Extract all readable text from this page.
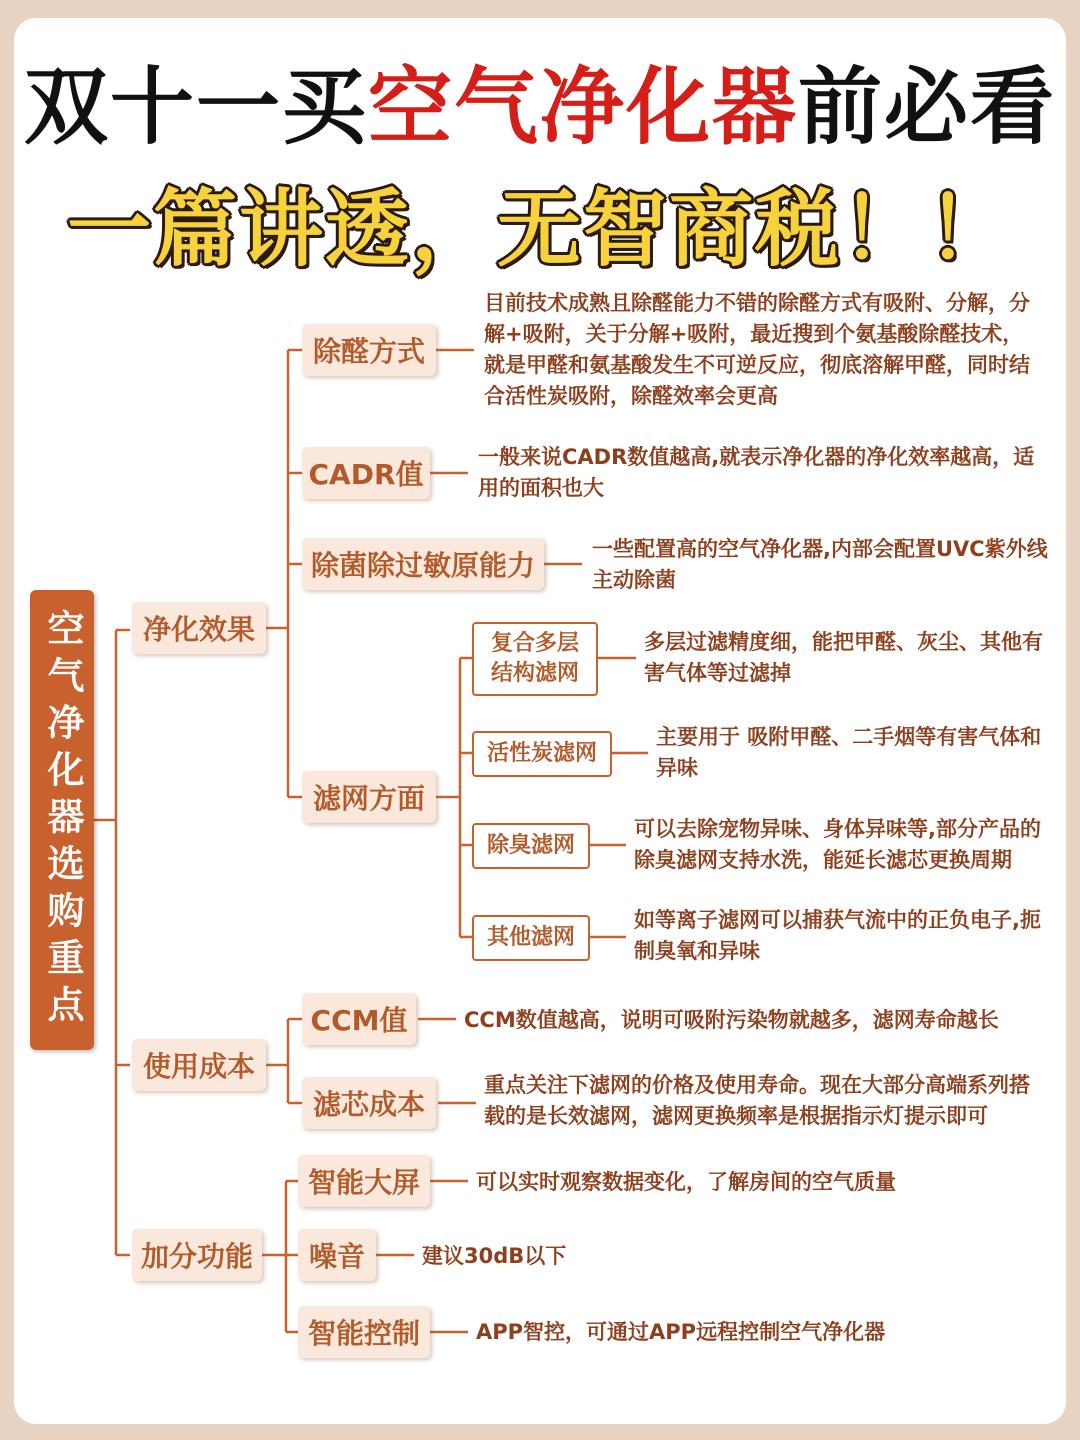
双十一买空气净化器前必看
一篇讲透，无智商税！！
空气净化器选购重点	净化效果
使用成本
加分功能
除醛方式
目前技术成熟且除醛能力不错的除醛方式有吸附、分解，分解+吸附，关于分解+吸附，最近搜到个氨基酸除醛技术，就是甲醛和氨基酸发生不可逆反应，彻底溶解甲醛，同时结合活性炭吸附，除醛效率会更高
CADR值
一般来说CADR数值越高,就表示净化器的净化效率越高，适用的面积也大
除菌除过敏原能力	一些配置高的空气净化器,内部会配置UVC紫外线主动除菌
滤网方面
复合多层结构滤网
多层过滤精度细，能把甲醛、灰尘、其他有害气体等过滤掉
活性炭滤网
主要用于 吸附甲醛、二手烟等有害气体和异味
除臭滤网
可以去除宠物异味、身体异味等,部分产品的除臭滤网支持水洗，能延长滤芯更换周期
其他滤网
如等离子滤网可以捕获气流中的正负电子,扼制臭氧和异味
CCM值	CCM数值越高，说明可吸附污染物就越多，滤网寿命越长
滤芯成本
重点关注下滤网的价格及使用寿命。现在大部分高端系列搭载的是长效滤网，滤网更换频率是根据指示灯提示即可
智能大屏	可以实时观察数据变化，了解房间的空气质量
噪音	建议30dB以下
智能控制	APP智控，可通过APP远程控制空气净化器
